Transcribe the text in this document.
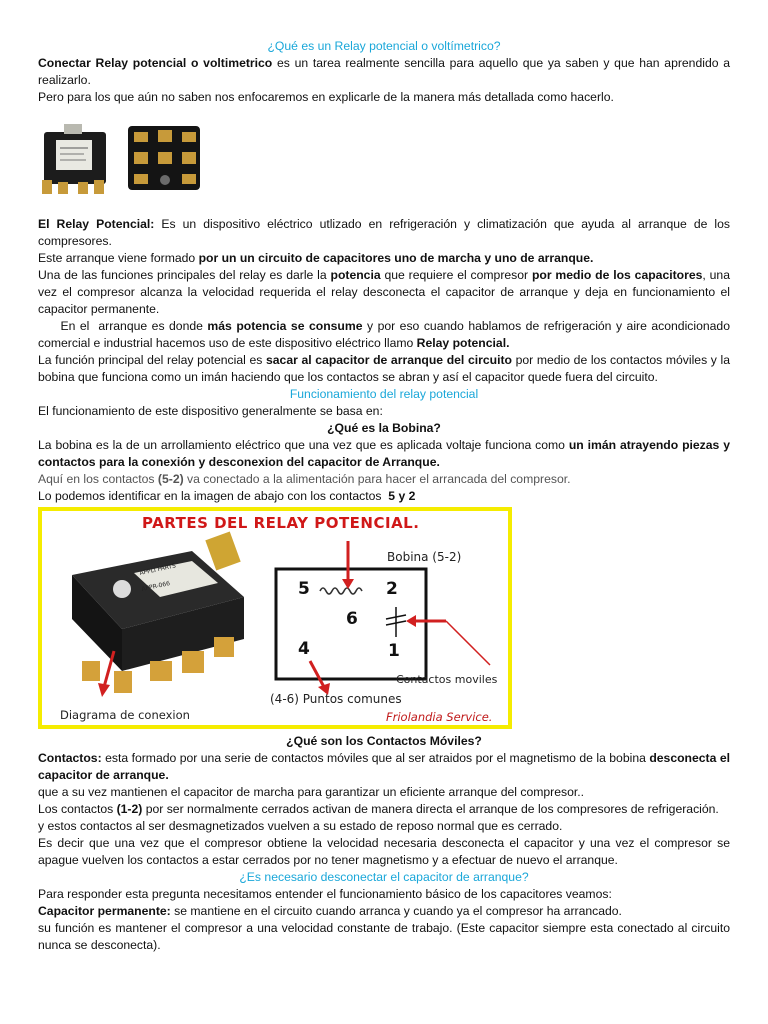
¿Qué es un Relay potencial o voltímetrico?

Conectar Relay potencial o voltimetrico es un tarea realmente sencilla para aquello que ya saben y que han aprendido a realizarlo.

Pero para los que aún no saben nos enfocaremos en explicarle de la manera más detallada como hacerlo.

El Relay Potencial: Es un dispositivo eléctrico utlizado en refrigeración y climatización que ayuda al arranque de los compresores.

Este arranque viene formado por un un circuito de capacitores uno de marcha y uno de arranque.

Una de las funciones principales del relay es darle la potencia que requiere el compresor por medio de los capacitores, una vez el compresor alcanza la velocidad requerida el relay desconecta el capacitor de arranque y deja en funcionamiento el capacitor permanente.

En el  arranque es donde más potencia se consume y por eso cuando hablamos de refrigeración y aire acondicionado comercial e industrial hacemos uso de este dispositivo eléctrico llamo Relay potencial.

La función principal del relay potencial es sacar al capacitor de arranque del circuito por medio de los contactos móviles y la bobina que funciona como un imán haciendo que los contactos se abran y así el capacitor quede fuera del circuito.

Funcionamiento del relay potencial

El funcionamiento de este dispositivo generalmente se basa en:

¿Qué es la Bobina?

La bobina es la de un arrollamiento eléctrico que una vez que es aplicada voltaje funciona como un imán atrayendo piezas y contactos para la conexión y desconexion del capacitor de Arranque.

Aquí en los contactos (5-2) va conectado a la alimentación para hacer el arrancada del compresor.

Lo podemos identificar en la imagen de abajo con los contactos  5 y 2

APPLI PARTS
APPR-066
PARTES DEL RELAY POTENCIAL.
Bobina (5-2)
5	2
6
4	1
Contactos moviles
(4-6) Puntos comunes
Diagrama de conexion	Friolandia Service.

¿Qué son los Contactos Móviles?

Contactos: esta formado por una serie de contactos móviles que al ser atraidos por el magnetismo de la bobina desconecta el capacitor de arranque.

que a su vez mantienen el capacitor de marcha para garantizar un eficiente arranque del compresor..

Los contactos (1-2) por ser normalmente cerrados activan de manera directa el arranque de los compresores de refrigeración.

y estos contactos al ser desmagnetizados vuelven a su estado de reposo normal que es cerrado.

Es decir que una vez que el compresor obtiene la velocidad necesaria desconecta el capacitor y una vez el compresor se apague vuelven los contactos a estar cerrados por no tener magnetismo y a efectuar de nuevo el arranque.

¿Es necesario desconectar el capacitor de arranque?

Para responder esta pregunta necesitamos entender el funcionamiento básico de los capacitores veamos:

Capacitor permanente: se mantiene en el circuito cuando arranca y cuando ya el compresor ha arrancado.

su función es mantener el compresor a una velocidad constante de trabajo. (Este capacitor siempre esta conectado al circuito nunca se desconecta).
